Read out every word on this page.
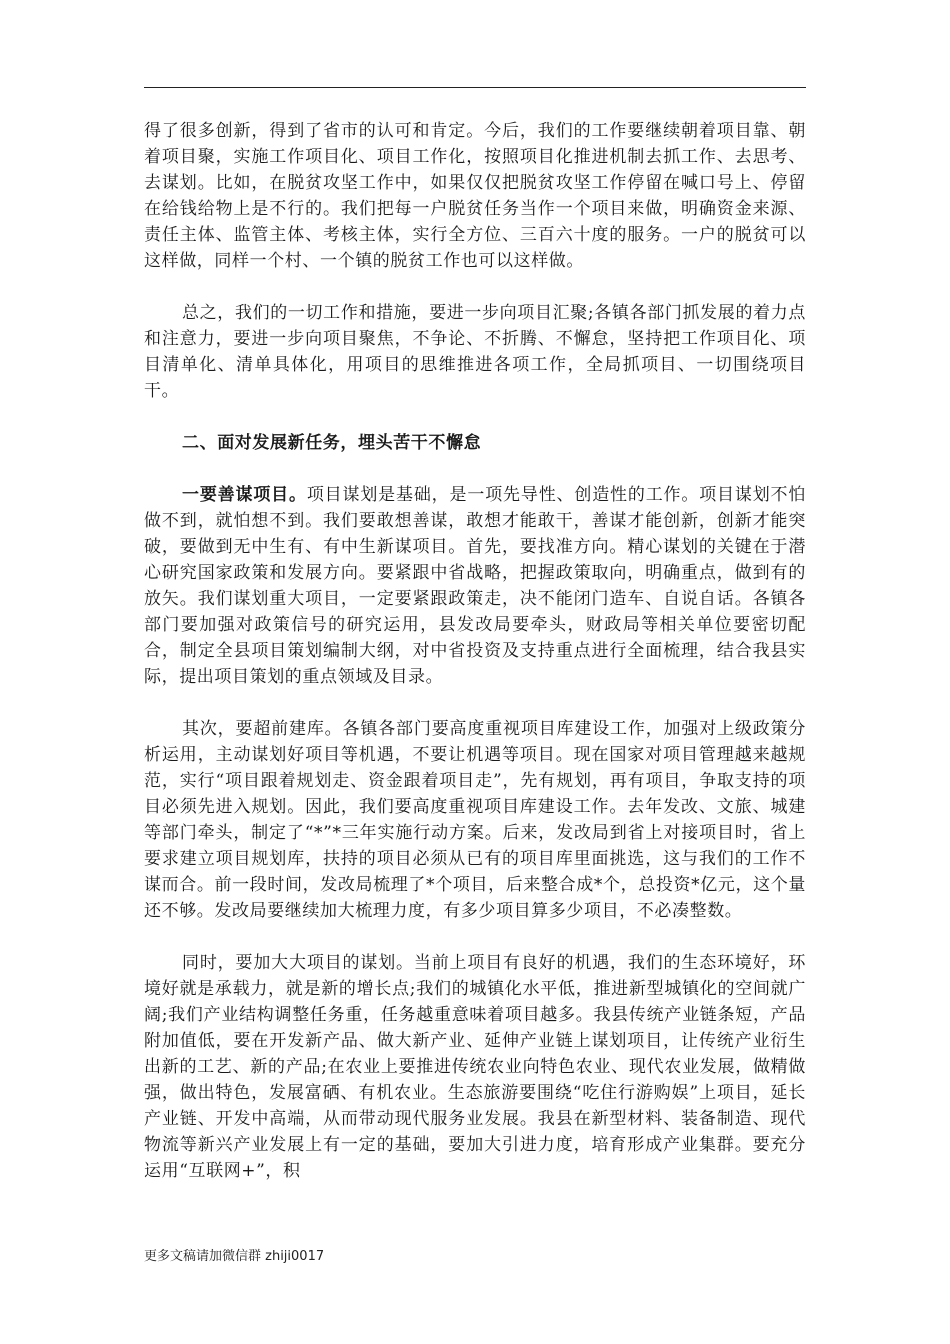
得了很多创新，得到了省市的认可和肯定。今后，我们的工作要继续朝着项目靠、朝着项目聚，实施工作项目化、项目工作化，按照项目化推进机制去抓工作、去思考、去谋划。比如，在脱贫攻坚工作中，如果仅仅把脱贫攻坚工作停留在喊口号上、停留在给钱给物上是不行的。我们把每一户脱贫任务当作一个项目来做，明确资金来源、责任主体、监管主体、考核主体，实行全方位、三百六十度的服务。一户的脱贫可以这样做，同样一个村、一个镇的脱贫工作也可以这样做。

总之，我们的一切工作和措施，要进一步向项目汇聚;各镇各部门抓发展的着力点和注意力，要进一步向项目聚焦，不争论、不折腾、不懈怠，坚持把工作项目化、项目清单化、清单具体化，用项目的思维推进各项工作，全局抓项目、一切围绕项目干。

二、面对发展新任务，埋头苦干不懈怠

一要善谋项目。项目谋划是基础，是一项先导性、创造性的工作。项目谋划不怕做不到，就怕想不到。我们要敢想善谋，敢想才能敢干，善谋才能创新，创新才能突破，要做到无中生有、有中生新谋项目。首先，要找准方向。精心谋划的关键在于潜心研究国家政策和发展方向。要紧跟中省战略，把握政策取向，明确重点，做到有的放矢。我们谋划重大项目，一定要紧跟政策走，决不能闭门造车、自说自话。各镇各部门要加强对政策信号的研究运用，县发改局要牵头，财政局等相关单位要密切配合，制定全县项目策划编制大纲，对中省投资及支持重点进行全面梳理，结合我县实际，提出项目策划的重点领域及目录。

其次，要超前建库。各镇各部门要高度重视项目库建设工作，加强对上级政策分析运用，主动谋划好项目等机遇，不要让机遇等项目。现在国家对项目管理越来越规范，实行“项目跟着规划走、资金跟着项目走”，先有规划，再有项目，争取支持的项目必须先进入规划。因此，我们要高度重视项目库建设工作。去年发改、文旅、城建等部门牵头，制定了“*”*三年实施行动方案。后来，发改局到省上对接项目时，省上要求建立项目规划库，扶持的项目必须从已有的项目库里面挑选，这与我们的工作不谋而合。前一段时间，发改局梳理了*个项目，后来整合成*个，总投资*亿元，这个量还不够。发改局要继续加大梳理力度，有多少项目算多少项目，不必凑整数。

同时，要加大大项目的谋划。当前上项目有良好的机遇，我们的生态环境好，环境好就是承载力，就是新的增长点;我们的城镇化水平低，推进新型城镇化的空间就广阔;我们产业结构调整任务重，任务越重意味着项目越多。我县传统产业链条短，产品附加值低，要在开发新产品、做大新产业、延伸产业链上谋划项目，让传统产业衍生出新的工艺、新的产品;在农业上要推进传统农业向特色农业、现代农业发展，做精做强，做出特色，发展富硒、有机农业。生态旅游要围绕“吃住行游购娱”上项目，延长产业链、开发中高端，从而带动现代服务业发展。我县在新型材料、装备制造、现代物流等新兴产业发展上有一定的基础，要加大引进力度，培育形成产业集群。要充分运用“互联网+”，积

更多文稿请加微信群 zhiji0017
